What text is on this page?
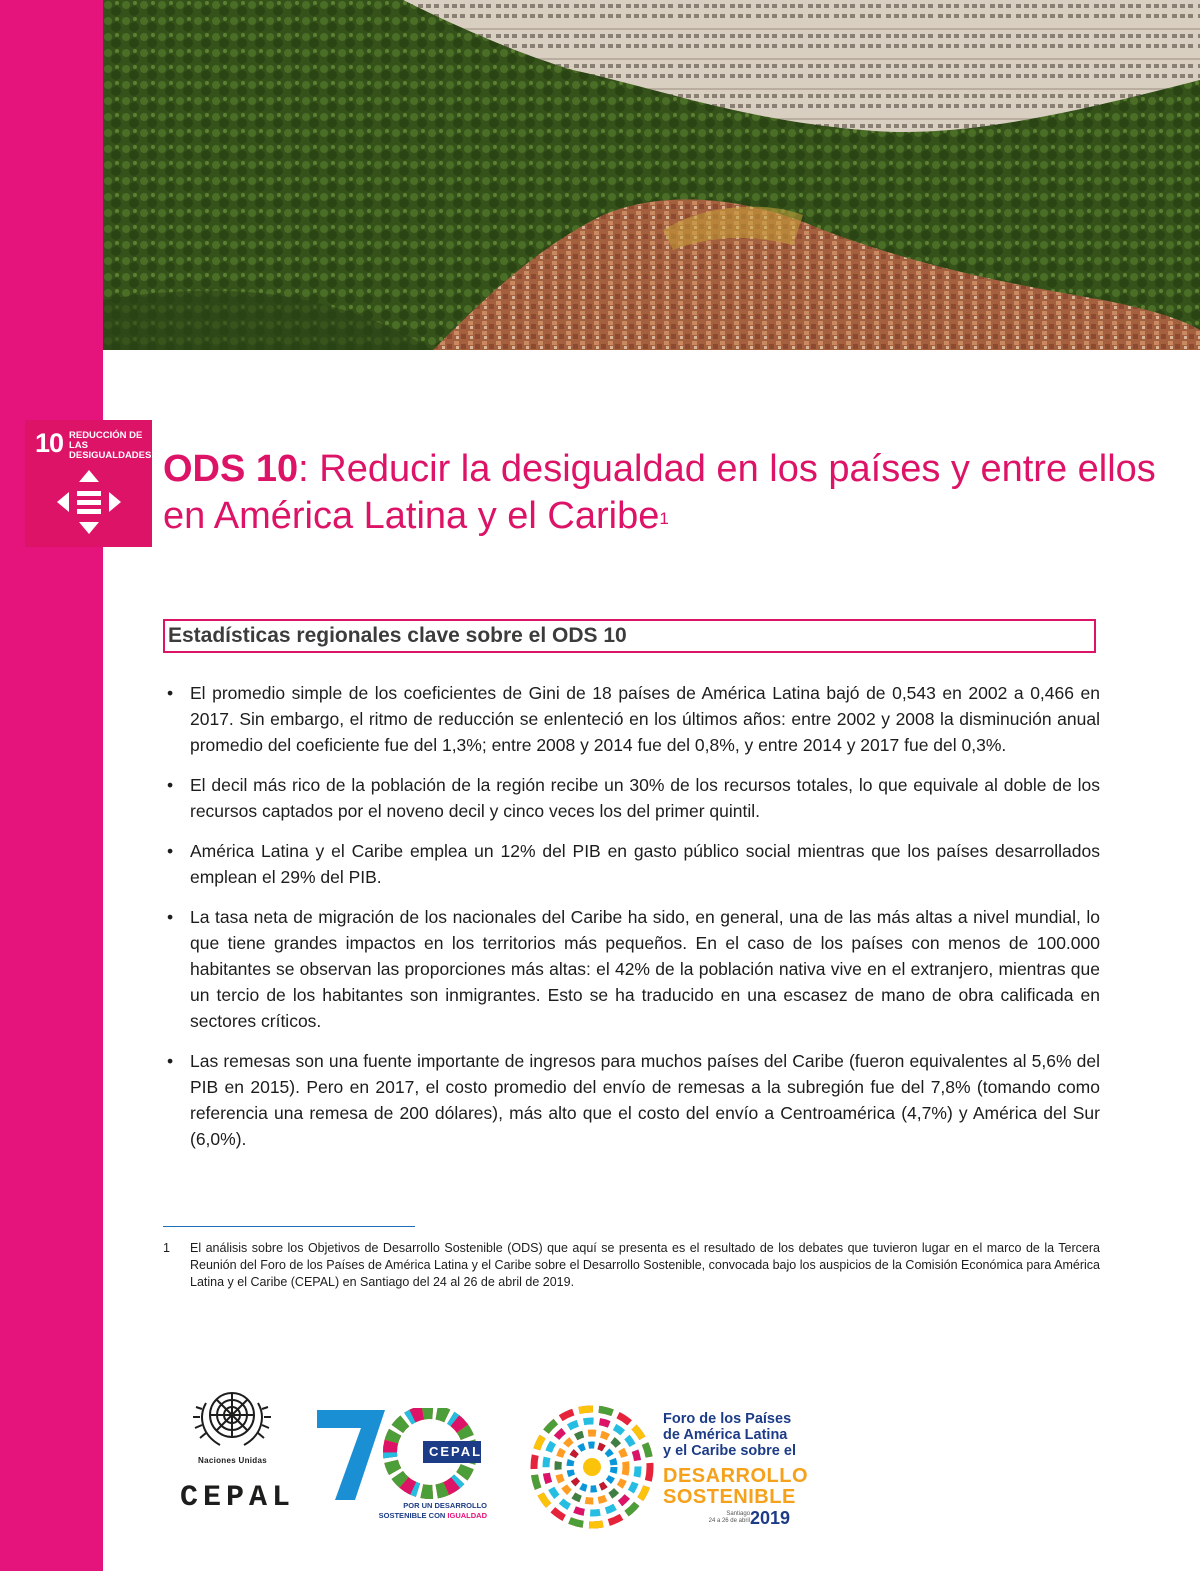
10 REDUCCIÓN DE LAS DESIGUALDADES ODS 10: Reducir la desigualdad en los países y entre ellos
en América Latina y el Caribe$^1$
Estadísticas regionales clave sobre el ODS 10
• El promedio simple de los coeficientes de Gini de 18 países de América Latina bajó de 0,543 en 2002 a 0,466 en 2017. Sin embargo, el ritmo de reducción se enlenteció en los últimos años: entre 2002 y 2008 la disminución anual promedio del coeficiente fue del 1,3%; entre 2008 y 2014 fue del 0,8%, y entre 2014 y 2017 fue del 0,3%.
• El decil más rico de la población de la región recibe un 30% de los recursos totales, lo que equivale al doble de los recursos captados por el noveno decil y cinco veces los del primer quintil.
• América Latina y el Caribe emplea un 12% del PIB en gasto público social mientras que los países desarrollados emplean el 29% del PIB.
• La tasa neta de migración de los nacionales del Caribe ha sido, en general, una de las más altas a nivel mundial, lo que tiene grandes impactos en los territorios más pequeños. En el caso de los países con menos de 100.000 habitantes se observan las proporciones más altas: el 42% de la población nativa vive en el extranjero, mientras que un tercio de los habitantes son inmigrantes. Esto se ha traducido en una escasez de mano de obra calificada en sectores críticos.
• Las remesas son una fuente importante de ingresos para muchos países del Caribe (fueron equivalentes al 5,6% del PIB en 2015). Pero en 2017, el costo promedio del envío de remesas a la subregión fue del 7,8% (tomando como referencia una remesa de 200 dólares), más alto que el costo del envío a Centroamérica (4,7%) y América del Sur (6,0%).
1 El análisis sobre los Objetivos de Desarrollo Sostenible (ODS) que aquí se presenta es el resultado de los debates que tuvieron lugar en el marco de la Tercera Reunión del Foro de los Países de América Latina y el Caribe sobre el Desarrollo Sostenible, convocada bajo los auspicios de la Comisión Económica para América Latina y el Caribe (CEPAL) en Santiago del 24 al 26 de abril de 2019.
Naciones Unidas
CEPAL
CEPAL
POR UN DESARROLLO
SOSTENIBLE CON IGUALDAD
Foro de los Países
de América Latina
y el Caribe sobre el
DESARROLLO
SOSTENIBLE
Santiago
24 a 26 de abril 2019
